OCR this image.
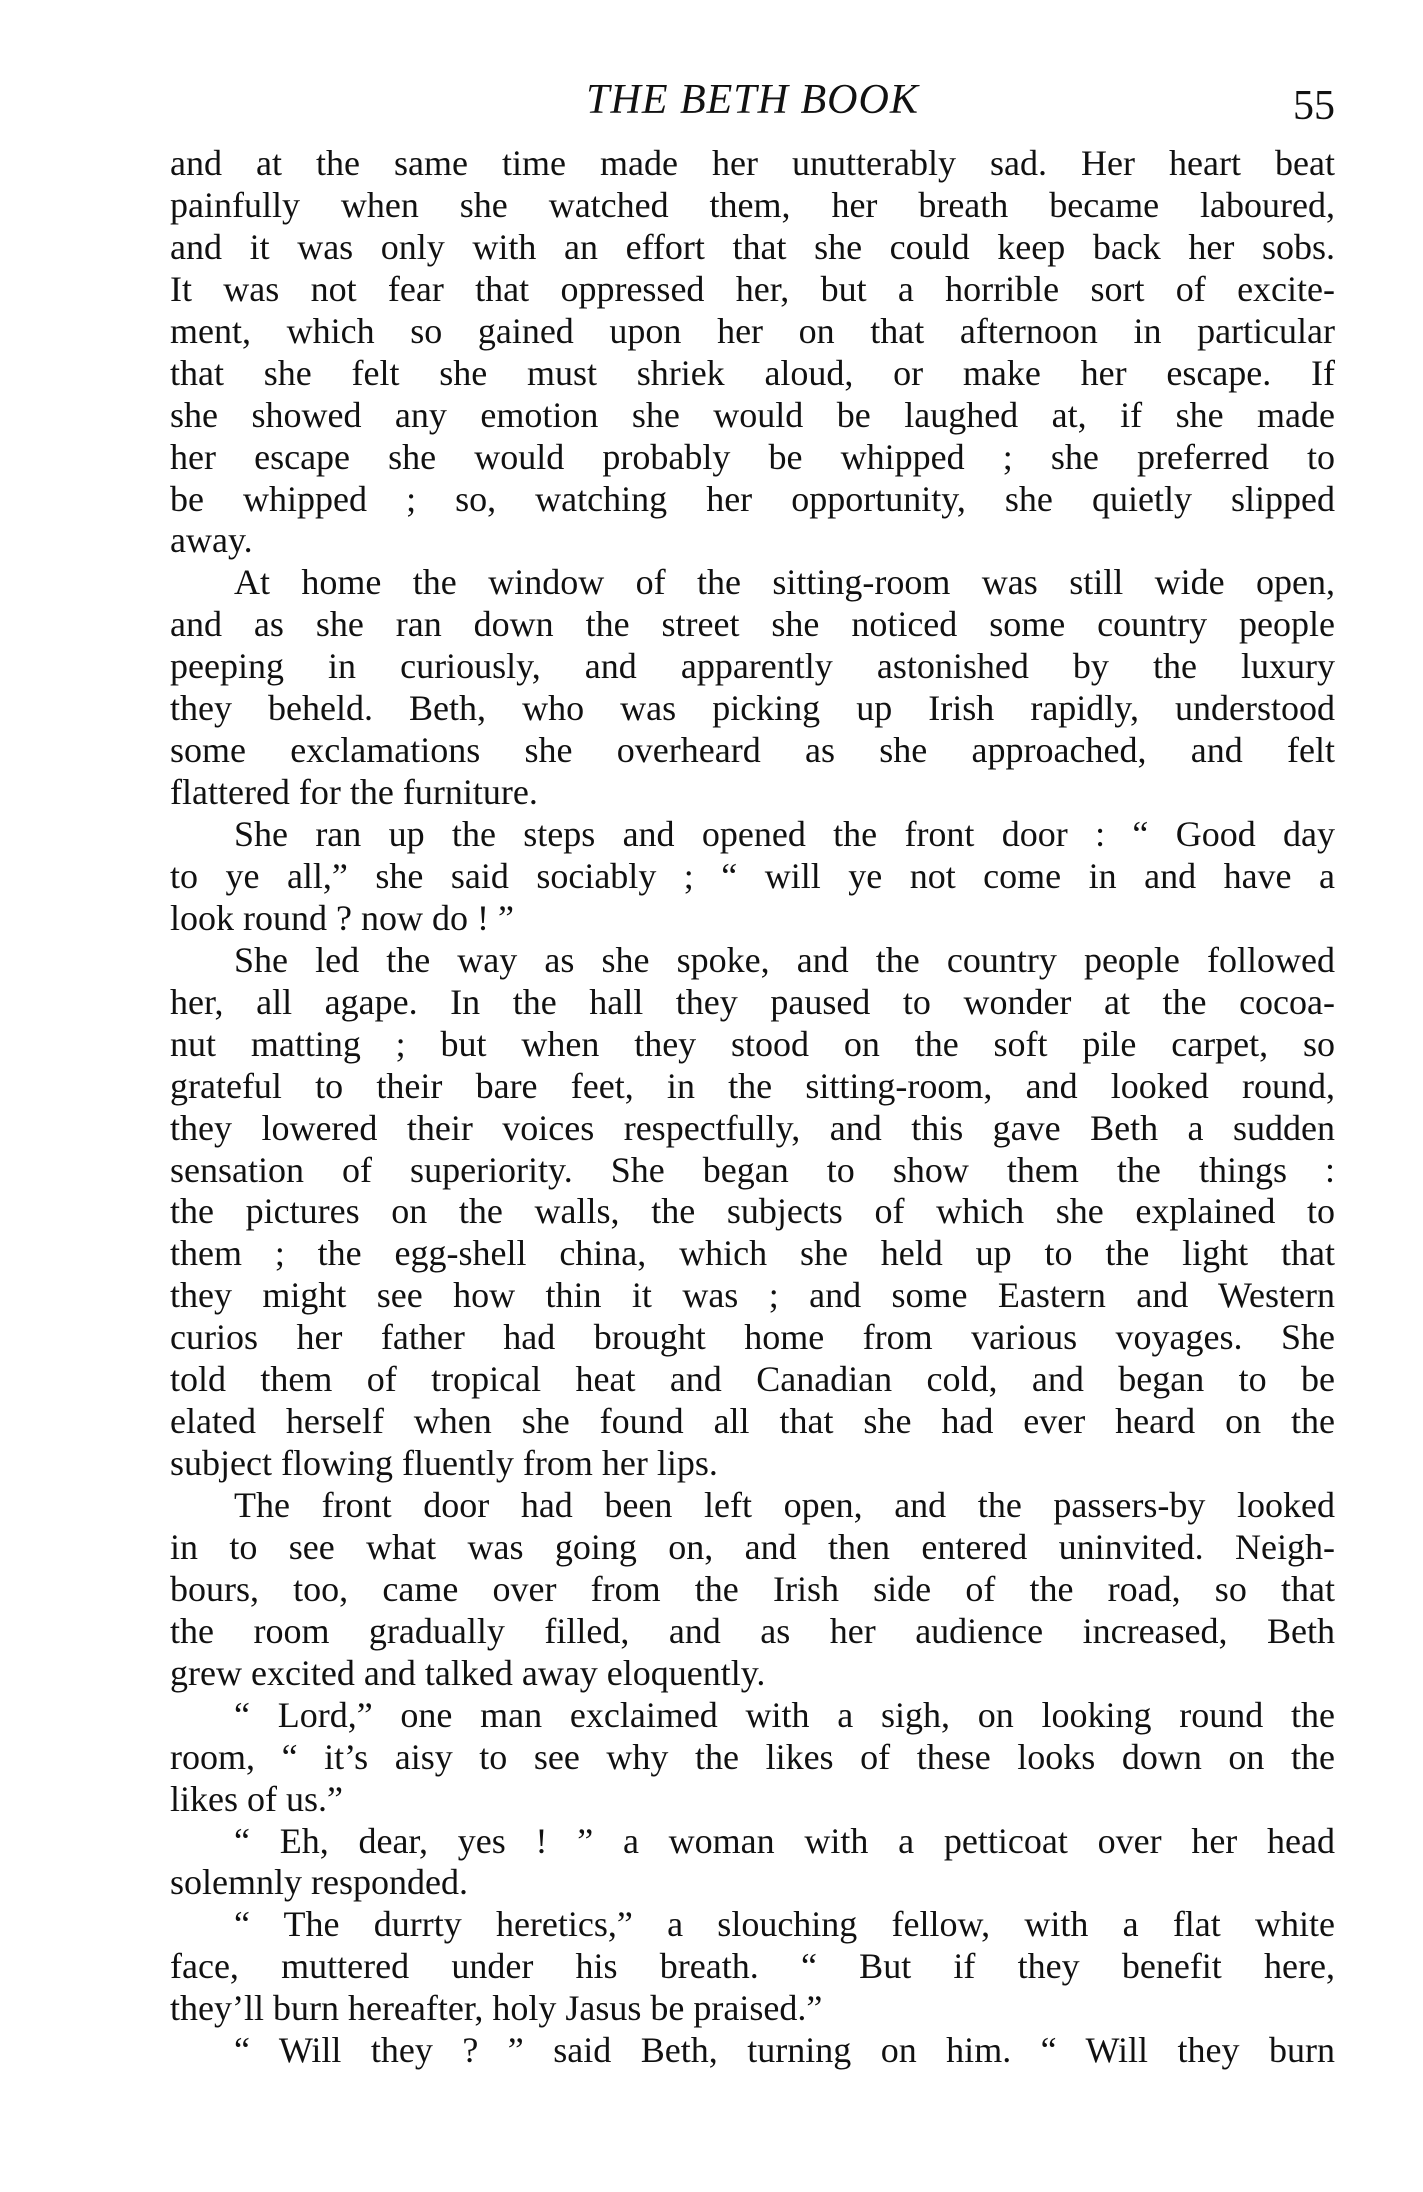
THE BETH BOOK	55
and at the same time made her unutterably sad. Her heart beat
painfully when she watched them, her breath became laboured,
and it was only with an effort that she could keep back her sobs.
It was not fear that oppressed her, but a horrible sort of excite-
ment, which so gained upon her on that afternoon in particular
that she felt she must shriek aloud, or make her escape. If
she showed any emotion she would be laughed at, if she made
her escape she would probably be whipped ; she preferred to
be whipped ; so, watching her opportunity, she quietly slipped
away.
At home the window of the sitting-room was still wide open,
and as she ran down the street she noticed some country people
peeping in curiously, and apparently astonished by the luxury
they beheld. Beth, who was picking up Irish rapidly, understood
some exclamations she overheard as she approached, and felt
flattered for the furniture.
She ran up the steps and opened the front door : “ Good day
to ye all,” she said sociably ; “ will ye not come in and have a
look round ? now do ! ”
She led the way as she spoke, and the country people followed
her, all agape. In the hall they paused to wonder at the cocoa-
nut matting ; but when they stood on the soft pile carpet, so
grateful to their bare feet, in the sitting-room, and looked round,
they lowered their voices respectfully, and this gave Beth a sudden
sensation of superiority. She began to show them the things :
the pictures on the walls, the subjects of which she explained to
them ; the egg-shell china, which she held up to the light that
they might see how thin it was ; and some Eastern and Western
curios her father had brought home from various voyages. She
told them of tropical heat and Canadian cold, and began to be
elated herself when she found all that she had ever heard on the
subject flowing fluently from her lips.
The front door had been left open, and the passers-by looked
in to see what was going on, and then entered uninvited. Neigh-
bours, too, came over from the Irish side of the road, so that
the room gradually filled, and as her audience increased, Beth
grew excited and talked away eloquently.
“ Lord,” one man exclaimed with a sigh, on looking round the
room, “ it’s aisy to see why the likes of these looks down on the
likes of us.”
“ Eh, dear, yes ! ” a woman with a petticoat over her head
solemnly responded.
“ The durrty heretics,” a slouching fellow, with a flat white
face, muttered under his breath. “ But if they benefit here,
they’ll burn hereafter, holy Jasus be praised.”
“ Will they ? ” said Beth, turning on him. “ Will they burn
